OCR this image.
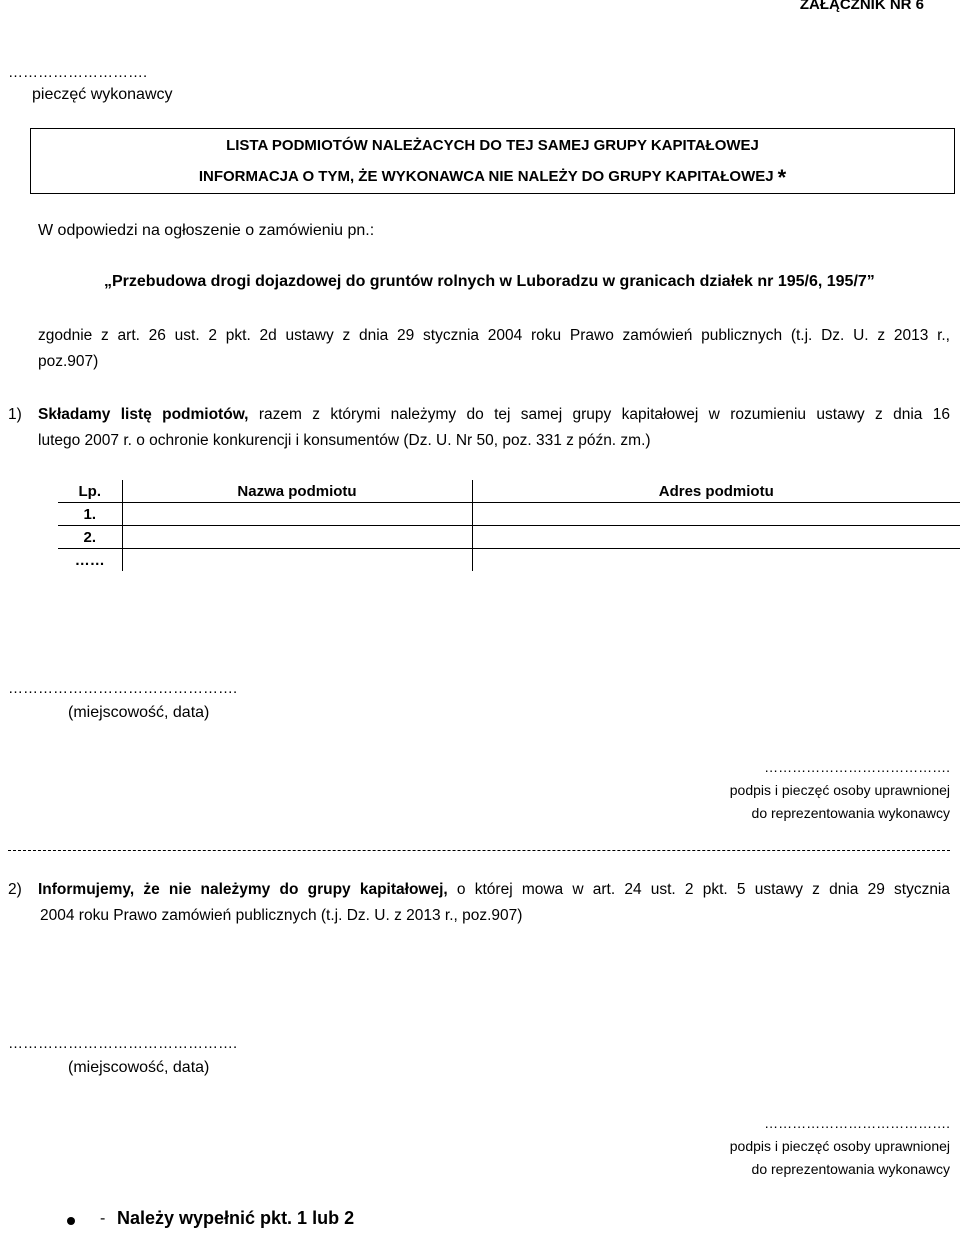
ZAŁĄCZNIK NR 6
……………………….
pieczęć wykonawcy
LISTA PODMIOTÓW NALEŻACYCH DO TEJ SAMEJ GRUPY KAPITAŁOWEJ
INFORMACJA O TYM, ŻE WYKONAWCA NIE NALEŻY DO GRUPY KAPITAŁOWEJ *
W odpowiedzi na ogłoszenie o zamówieniu pn.:
„Przebudowa drogi dojazdowej do gruntów rolnych w Luboradzu w granicach działek nr 195/6, 195/7”
zgodnie z art. 26 ust. 2 pkt. 2d ustawy z dnia 29 stycznia 2004 roku Prawo zamówień publicznych (t.j. Dz. U. z 2013 r.,
poz.907)
1) Składamy listę podmiotów, razem z którymi należymy do tej samej grupy kapitałowej w rozumieniu ustawy z dnia 16
lutego 2007 r. o ochronie konkurencji i konsumentów (Dz. U. Nr 50, poz. 331 z późn. zm.)
Lp.	Nazwa podmiotu	Adres podmiotu
1.		
2.		
……		
……………………………………….
(miejscowość, data)
………………………………….
podpis i pieczęć osoby uprawnionej
do reprezentowania wykonawcy
2) Informujemy, że nie należymy do grupy kapitałowej, o której mowa w art. 24 ust. 2 pkt. 5 ustawy z dnia 29 stycznia
2004 roku Prawo zamówień publicznych (t.j. Dz. U. z 2013 r., poz.907)
……………………………………….
(miejscowość, data)
………………………………….
podpis i pieczęć osoby uprawnionej
do reprezentowania wykonawcy
- Należy wypełnić pkt. 1 lub 2
